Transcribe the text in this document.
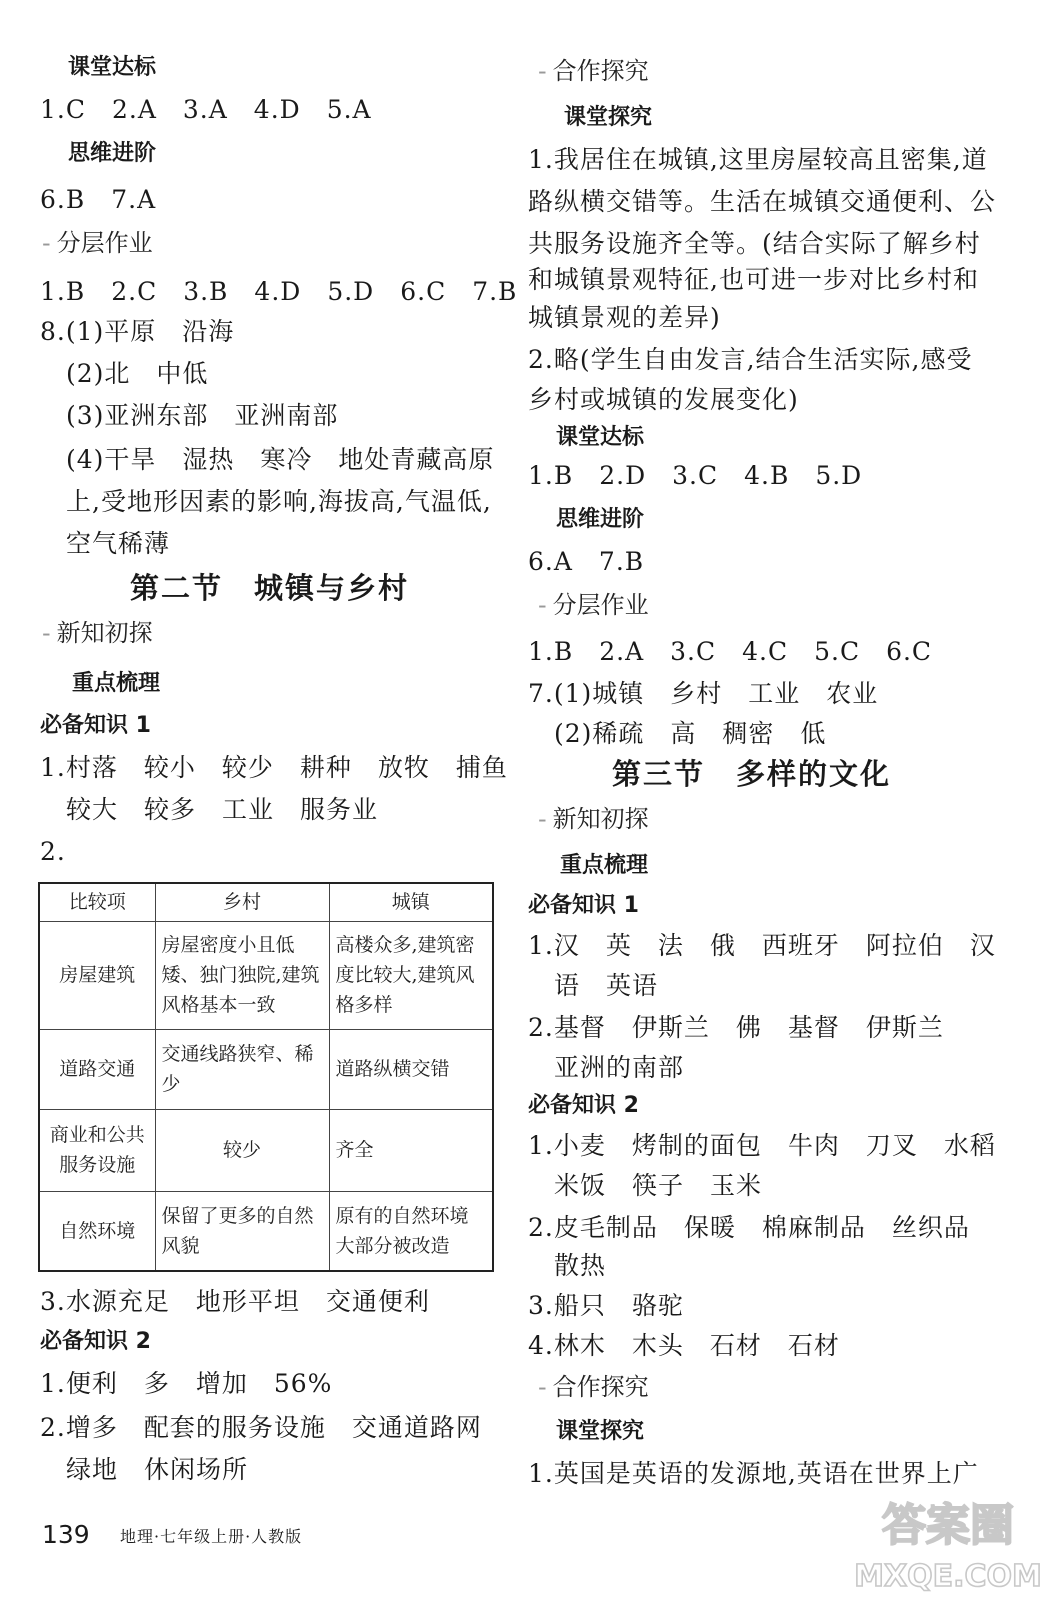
课堂达标
1.C　2.A　3.A　4.D　5.A
思维进阶
6.B　7.A
- 分层作业
1.B　2.C　3.B　4.D　5.D　6.C　7.B
8.(1)平原　沿海
(2)北　中低
(3)亚洲东部　亚洲南部
(4)干旱　湿热　寒冷　地处青藏高原
上,受地形因素的影响,海拔高,气温低,
空气稀薄
第二节　城镇与乡村
- 新知初探
重点梳理
必备知识 1
1.村落　较小　较少　耕种　放牧　捕鱼
较大　较多　工业　服务业
2.
比较项	乡村	城镇
房屋建筑	房屋密度小且低矮、独门独院,建筑风格基本一致	高楼众多,建筑密度比较大,建筑风格多样
道路交通	交通线路狭窄、稀少	道路纵横交错
商业和公共服务设施	较少	齐全
自然环境	保留了更多的自然风貌	原有的自然环境大部分被改造
3.水源充足　地形平坦　交通便利
必备知识 2
1.便利　多　增加　56%
2.增多　配套的服务设施　交通道路网
绿地　休闲场所
- 合作探究
课堂探究
1.我居住在城镇,这里房屋较高且密集,道
路纵横交错等。生活在城镇交通便利、公
共服务设施齐全等。(结合实际了解乡村
和城镇景观特征,也可进一步对比乡村和
城镇景观的差异)
2.略(学生自由发言,结合生活实际,感受
乡村或城镇的发展变化)
课堂达标
1.B　2.D　3.C　4.B　5.D
思维进阶
6.A　7.B
- 分层作业
1.B　2.A　3.C　4.C　5.C　6.C
7.(1)城镇　乡村　工业　农业
(2)稀疏　高　稠密　低
第三节　多样的文化
- 新知初探
重点梳理
必备知识 1
1.汉　英　法　俄　西班牙　阿拉伯　汉
语　英语
2.基督　伊斯兰　佛　基督　伊斯兰
亚洲的南部
必备知识 2
1.小麦　烤制的面包　牛肉　刀叉　水稻
米饭　筷子　玉米
2.皮毛制品　保暖　棉麻制品　丝织品
散热
3.船只　骆驼
4.林木　木头　石材　石材
- 合作探究
课堂探究
1.英国是英语的发源地,英语在世界上广
139 地理·七年级上册·人教版	答案圈
MXQE.COM
